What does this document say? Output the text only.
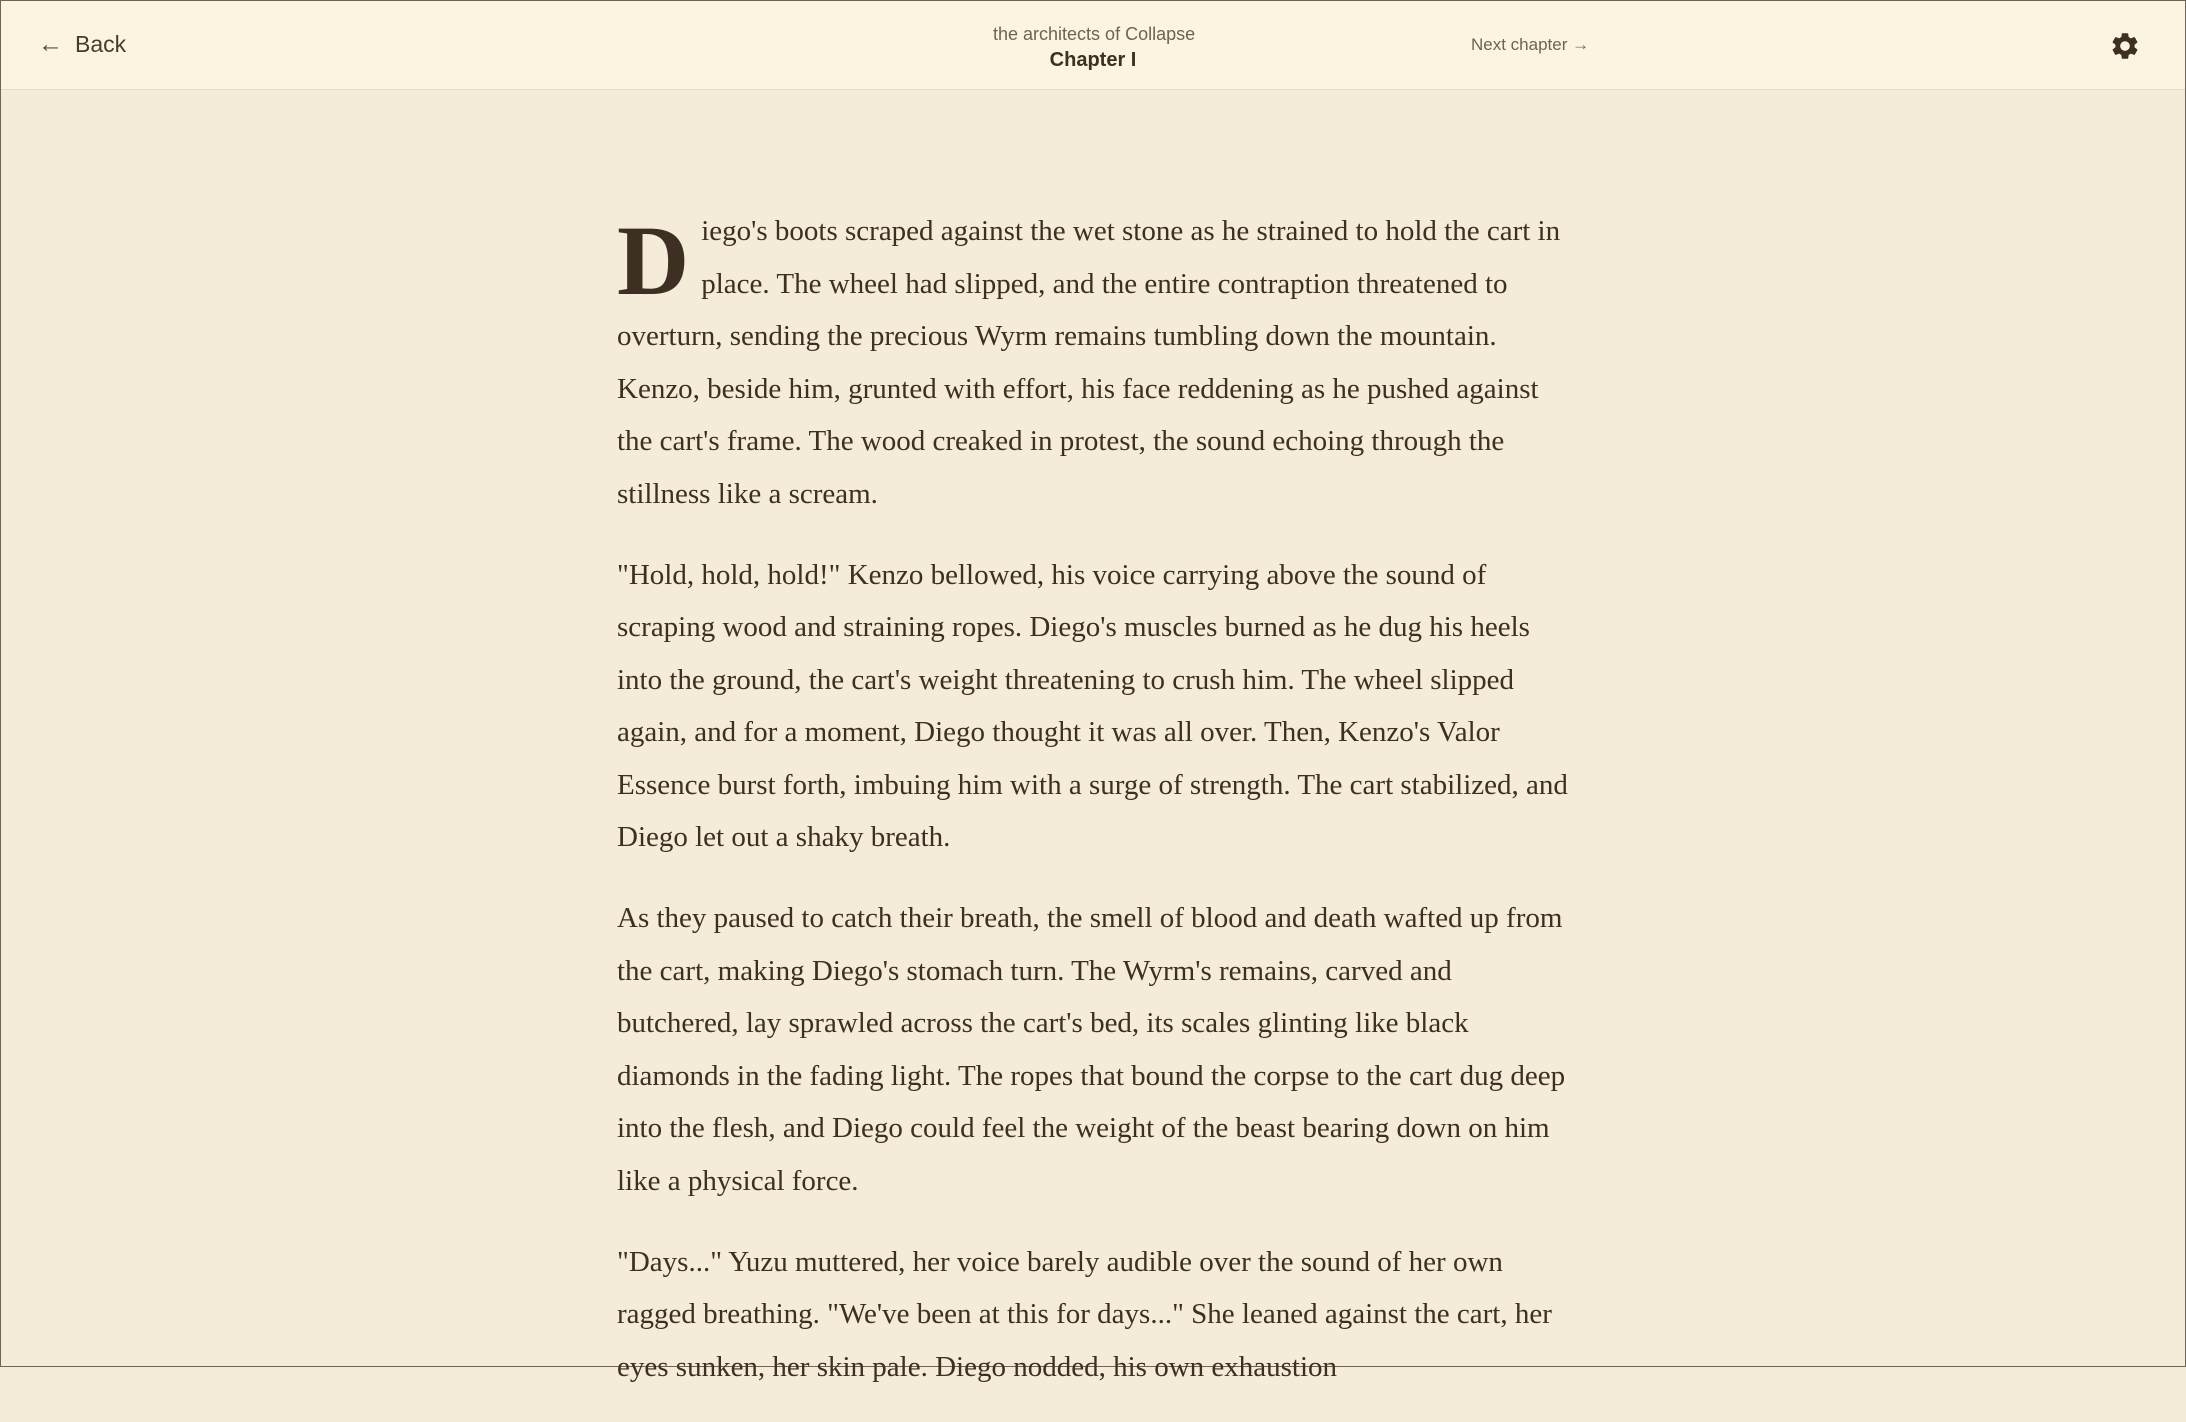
← Back	the architects of Collapse
Chapter I
Next chapter →

Diego's boots scraped against the wet stone as he strained to hold the cart in place. The wheel had slipped, and the entire contraption threatened to overturn, sending the precious Wyrm remains tumbling down the mountain. Kenzo, beside him, grunted with effort, his face reddening as he pushed against the cart's frame. The wood creaked in protest, the sound echoing through the stillness like a scream.

"Hold, hold, hold!" Kenzo bellowed, his voice carrying above the sound of scraping wood and straining ropes. Diego's muscles burned as he dug his heels into the ground, the cart's weight threatening to crush him. The wheel slipped again, and for a moment, Diego thought it was all over. Then, Kenzo's Valor Essence burst forth, imbuing him with a surge of strength. The cart stabilized, and Diego let out a shaky breath.

As they paused to catch their breath, the smell of blood and death wafted up from the cart, making Diego's stomach turn. The Wyrm's remains, carved and butchered, lay sprawled across the cart's bed, its scales glinting like black diamonds in the fading light. The ropes that bound the corpse to the cart dug deep into the flesh, and Diego could feel the weight of the beast bearing down on him like a physical force.

"Days..." Yuzu muttered, her voice barely audible over the sound of her own ragged breathing. "We've been at this for days..." She leaned against the cart, her eyes sunken, her skin pale. Diego nodded, his own exhaustion
